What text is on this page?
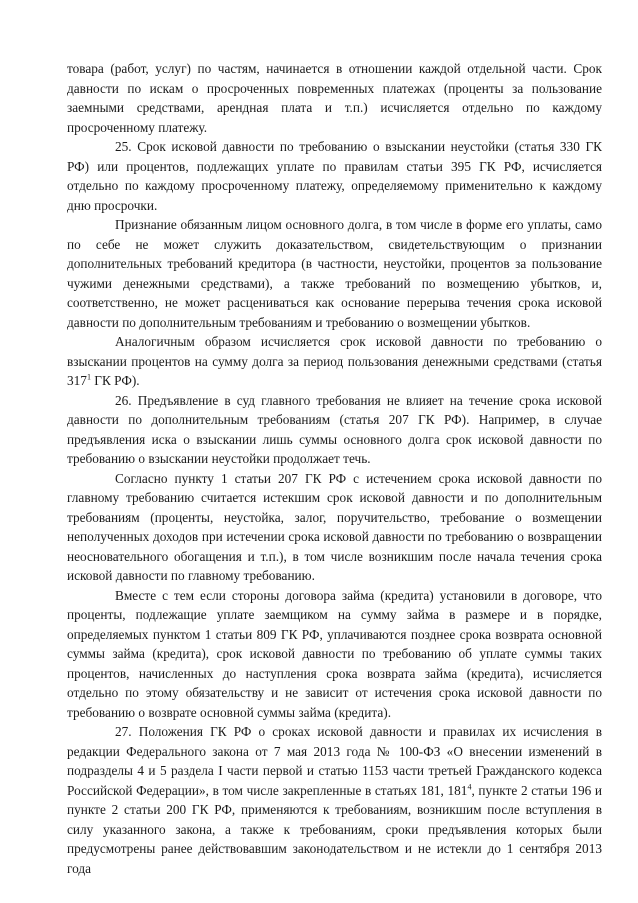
товара (работ, услуг) по частям, начинается в отношении каждой отдельной части. Срок давности по искам о просроченных повременных платежах (проценты за пользование заемными средствами, арендная плата и т.п.) исчисляется отдельно по каждому просроченному платежу.

25. Срок исковой давности по требованию о взыскании неустойки (статья 330 ГК РФ) или процентов, подлежащих уплате по правилам статьи 395 ГК РФ, исчисляется отдельно по каждому просроченному платежу, определяемому применительно к каждому дню просрочки.

Признание обязанным лицом основного долга, в том числе в форме его уплаты, само по себе не может служить доказательством, свидетельствующим о признании дополнительных требований кредитора (в частности, неустойки, процентов за пользование чужими денежными средствами), а также требований по возмещению убытков, и, соответственно, не может расцениваться как основание перерыва течения срока исковой давности по дополнительным требованиям и требованию о возмещении убытков.

Аналогичным образом исчисляется срок исковой давности по требованию о взыскании процентов на сумму долга за период пользования денежными средствами (статья $317^1$ ГК РФ).

26. Предъявление в суд главного требования не влияет на течение срока исковой давности по дополнительным требованиям (статья 207 ГК РФ). Например, в случае предъявления иска о взыскании лишь суммы основного долга срок исковой давности по требованию о взыскании неустойки продолжает течь.

Согласно пункту 1 статьи 207 ГК РФ с истечением срока исковой давности по главному требованию считается истекшим срок исковой давности и по дополнительным требованиям (проценты, неустойка, залог, поручительство, требование о возмещении неполученных доходов при истечении срока исковой давности по требованию о возвращении неосновательного обогащения и т.п.), в том числе возникшим после начала течения срока исковой давности по главному требованию.

Вместе с тем если стороны договора займа (кредита) установили в договоре, что проценты, подлежащие уплате заемщиком на сумму займа в размере и в порядке, определяемых пунктом 1 статьи 809 ГК РФ, уплачиваются позднее срока возврата основной суммы займа (кредита), срок исковой давности по требованию об уплате суммы таких процентов, начисленных до наступления срока возврата займа (кредита), исчисляется отдельно по этому обязательству и не зависит от истечения срока исковой давности по требованию о возврате основной суммы займа (кредита).

27. Положения ГК РФ о сроках исковой давности и правилах их исчисления в редакции Федерального закона от 7 мая 2013 года № 100-ФЗ «О внесении изменений в подразделы 4 и 5 раздела I части первой и статью 1153 части третьей Гражданского кодекса Российской Федерации», в том числе закрепленные в статьях 181, $181^4$, пункте 2 статьи 196 и пункте 2 статьи 200 ГК РФ, применяются к требованиям, возникшим после вступления в силу указанного закона, а также к требованиям, сроки предъявления которых были предусмотрены ранее действовавшим законодательством и не истекли до 1 сентября 2013 года
